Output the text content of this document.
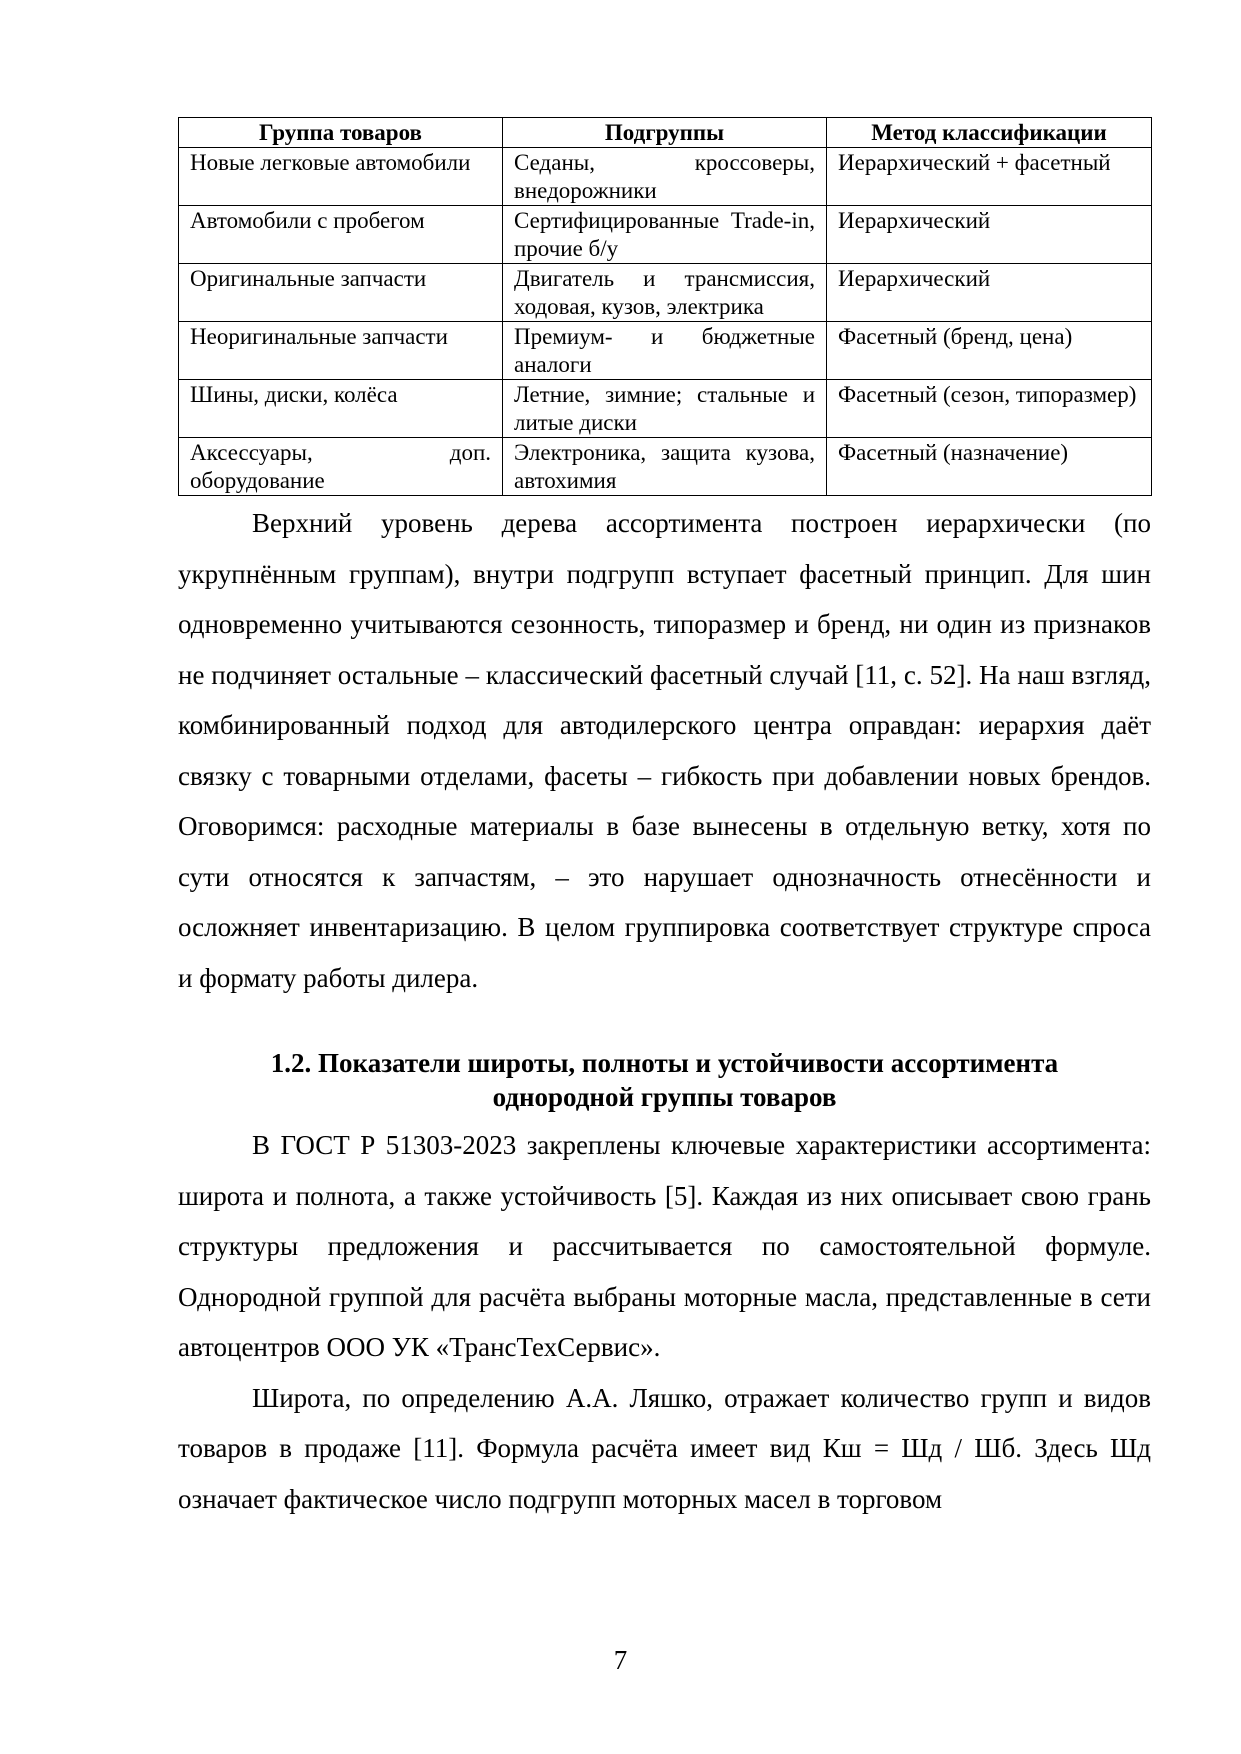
Группа товаров	Подгруппы	Метод классификации
Новые легковые автомобили	Седаны, кроссоверы, внедорожники	Иерархический + фасетный
Автомобили с пробегом	Сертифицированные Trade-in, прочие б/у	Иерархический
Оригинальные запчасти	Двигатель и трансмиссия, ходовая, кузов, электрика	Иерархический
Неоригинальные запчасти	Премиум- и бюджетные аналоги	Фасетный (бренд, цена)
Шины, диски, колёса	Летние, зимние; стальные и литые диски	Фасетный (сезон, типоразмер)
Аксессуары, доп. оборудование	Электроника, защита кузова, автохимия	Фасетный (назначение)

Верхний уровень дерева ассортимента построен иерархически (по укрупнённым группам), внутри подгрупп вступает фасетный принцип. Для шин одновременно учитываются сезонность, типоразмер и бренд, ни один из признаков не подчиняет остальные – классический фасетный случай [11, с. 52]. На наш взгляд, комбинированный подход для автодилерского центра оправдан: иерархия даёт связку с товарными отделами, фасеты – гибкость при добавлении новых брендов. Оговоримся: расходные материалы в базе вынесены в отдельную ветку, хотя по сути относятся к запчастям, – это нарушает однозначность отнесённости и осложняет инвентаризацию. В целом группировка соответствует структуре спроса и формату работы дилера.

1.2. Показатели широты, полноты и устойчивости ассортимента
однородной группы товаров

В ГОСТ Р 51303-2023 закреплены ключевые характеристики ассортимента: широта и полнота, а также устойчивость [5]. Каждая из них описывает свою грань структуры предложения и рассчитывается по самостоятельной формуле. Однородной группой для расчёта выбраны моторные масла, представленные в сети автоцентров ООО УК «ТрансТехСервис».

Широта, по определению А.А. Ляшко, отражает количество групп и видов товаров в продаже [11]. Формула расчёта имеет вид Кш = Шд / Шб. Здесь Шд означает фактическое число подгрупп моторных масел в торговом

7
